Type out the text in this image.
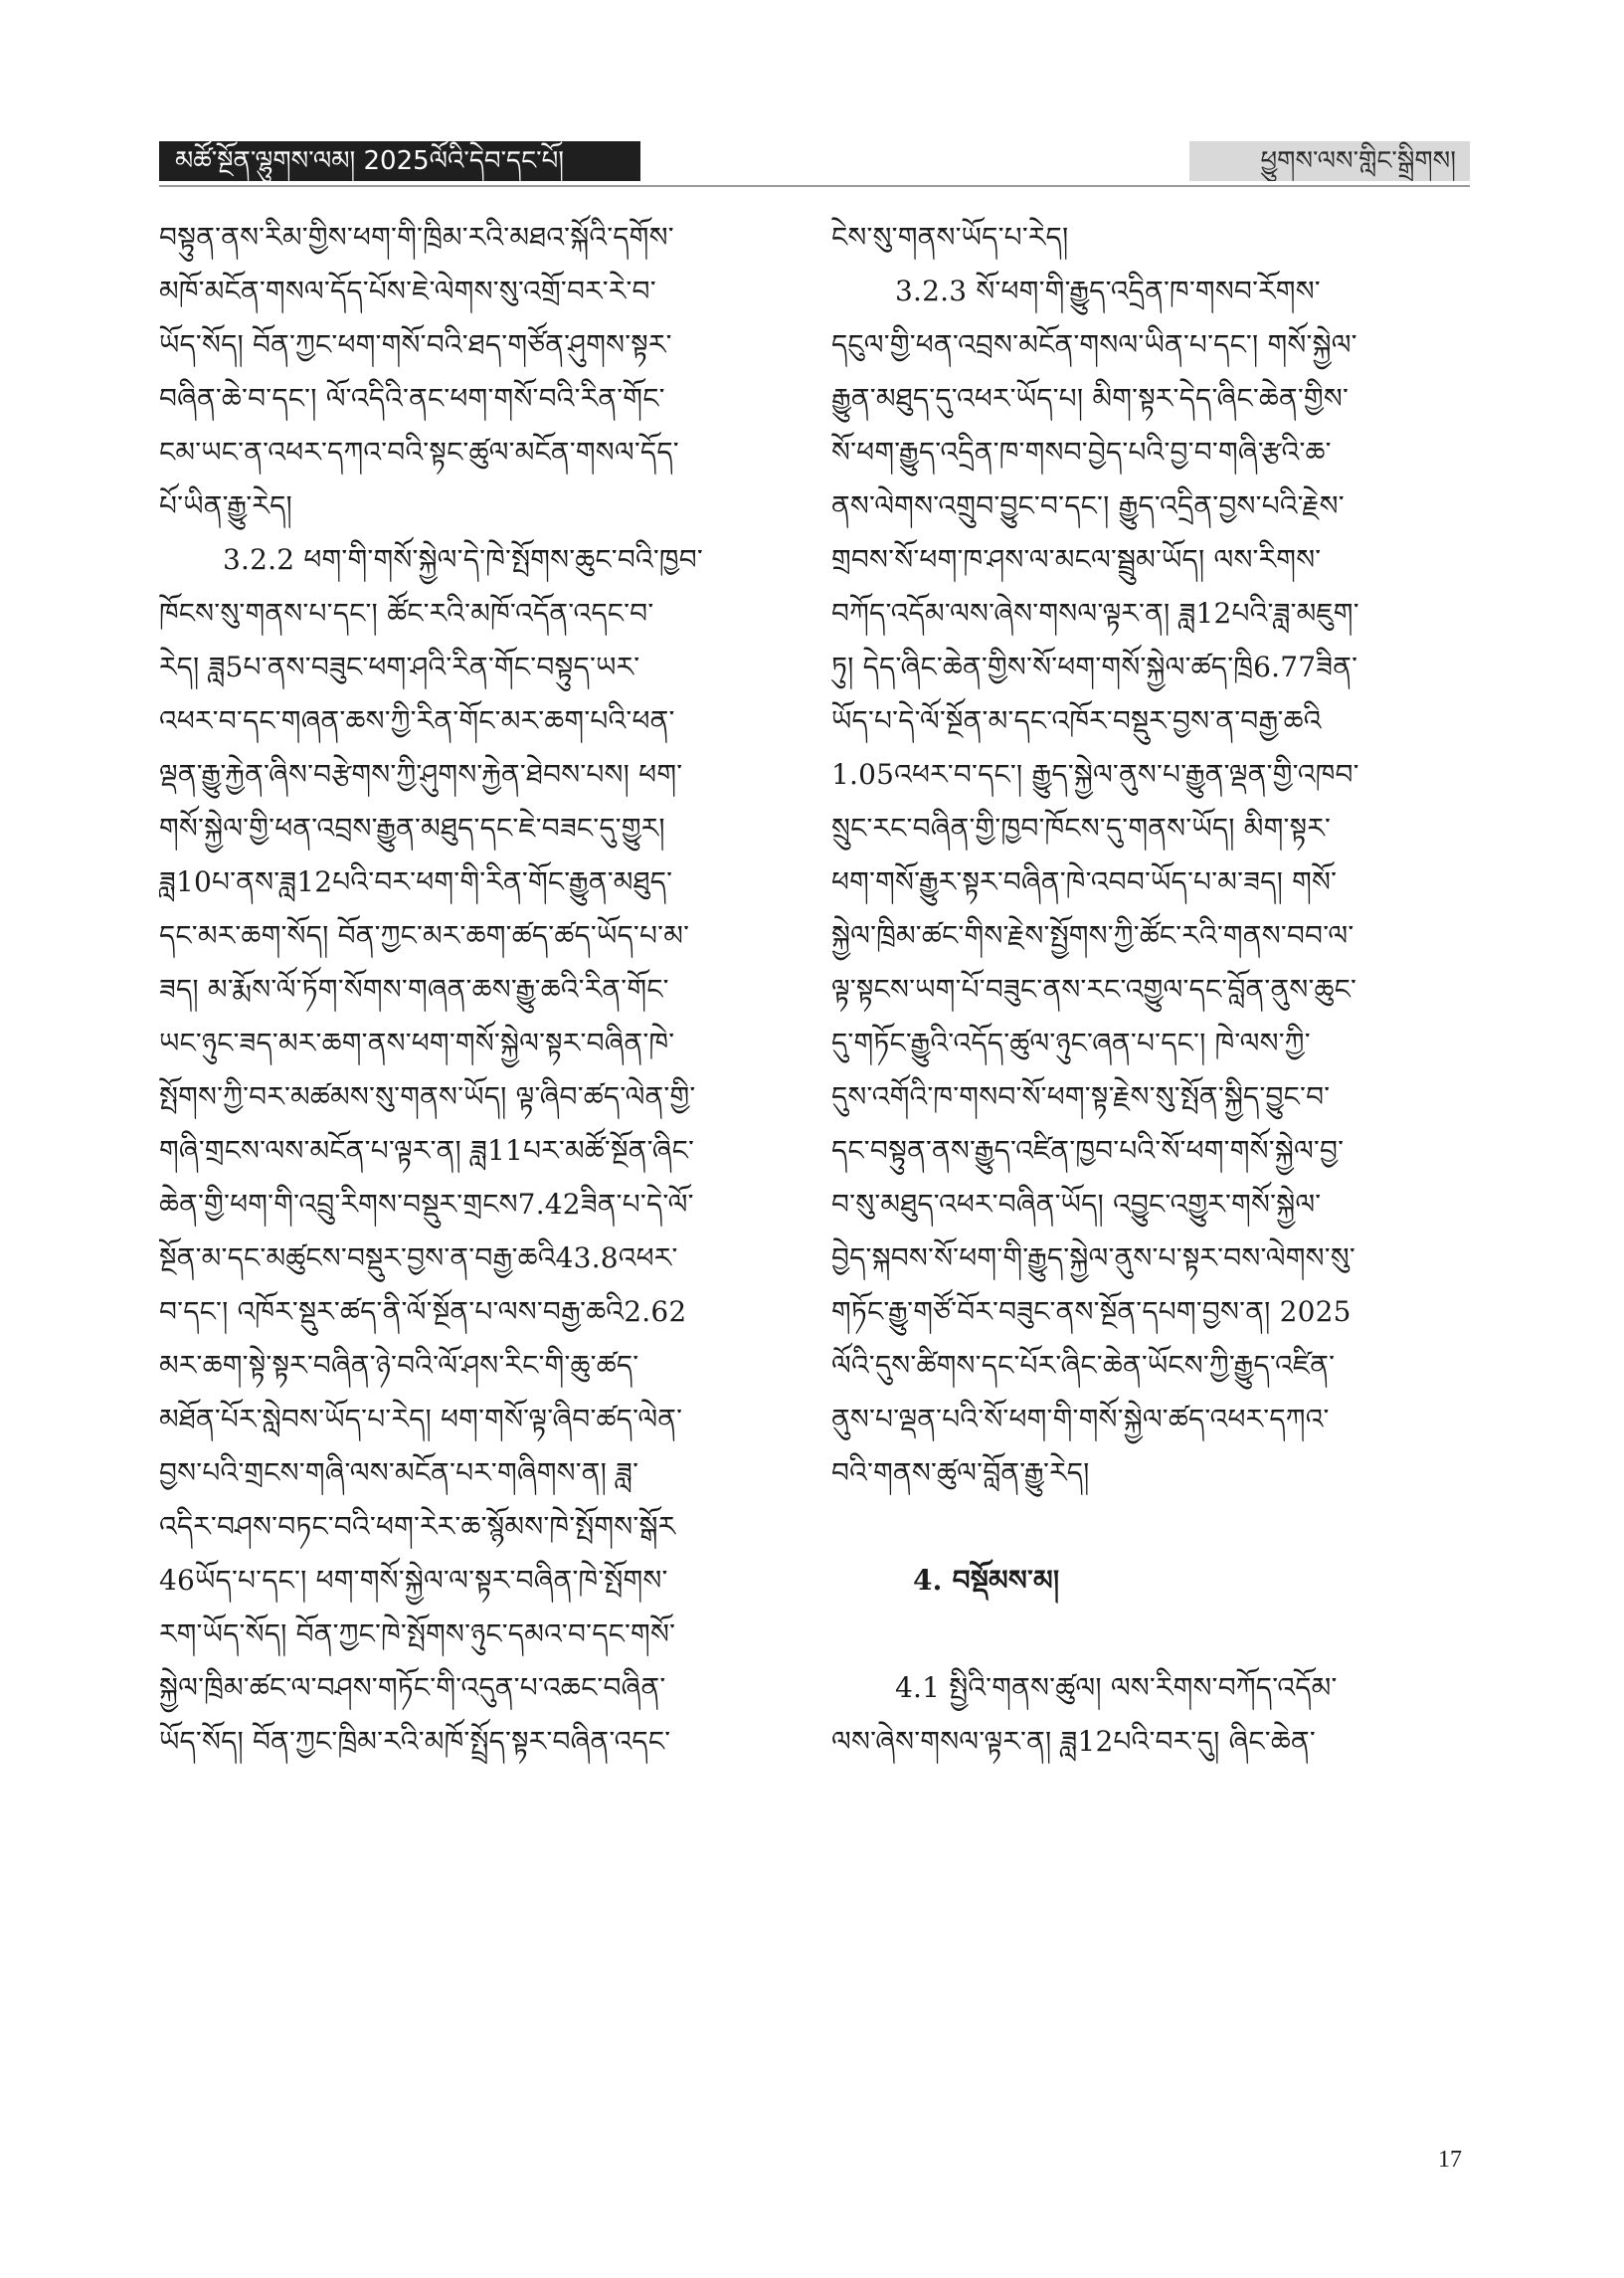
མཚོ་སྔོན་ལྷུགས་ལམ། 2025ལོའི་དེབ་དང་པོ།	ཕྱུགས་ལས་གླིང་སྒྲིགས།
བསྟུན་ནས་རིམ་གྱིས་ཕག་གི་ཁྲིམ་རའི་མཐའ་སྐོའི་དགོས་
མཁོ་མངོན་གསལ་དོད་པོས་ཇེ་ལེགས་སུ་འགྲོ་བར་རེ་བ་
ཡོད་སོད། བོན་ཀྱང་ཕག་གསོ་བའི་ཐད་གཙོན་ཤུགས་སྟར་
བཞིན་ཆེ་བ་དང་། ལོ་འདིའི་ནང་ཕག་གསོ་བའི་རིན་གོང་
ངམ་ཡང་ན་འཕར་དཀའ་བའི་སྟང་ཚུལ་མངོན་གསལ་དོད་
པོ་ཡིན་རྒྱུ་རེད།
3.2.2 ཕག་གི་གསོ་སྐྱེལ་དེ་ཁེ་སྤོགས་ཆུང་བའི་ཁྱབ་
ཁོངས་སུ་གནས་པ་དང་། ཚོང་རའི་མཁོ་འདོན་འདང་བ་
རེད། ཟླ5པ་ནས་བཟུང་ཕག་ཤའི་རིན་གོང་བསྟུད་ཡར་
འཕར་བ་དང་གཞན་ཆས་ཀྱི་རིན་གོང་མར་ཆག་པའི་ཕན་
ལྡན་རྒྱུ་རྐྱེན་ཞིས་བརྩེགས་ཀྱི་ཤུགས་རྐྱེན་ཐེབས་པས། ཕག་
གསོ་སྐྱེལ་གྱི་ཕན་འབྲས་རྒྱུན་མཐུད་དང་ཇེ་བཟང་དུ་གྱུར།
ཟླ10པ་ནས་ཟླ12པའི་བར་ཕག་གི་རིན་གོང་རྒྱུན་མཐུད་
དང་མར་ཆག་སོད། བོན་ཀྱང་མར་ཆག་ཚད་ཚད་ཡོད་པ་མ་
ཟད། མ་རྨོས་ལོ་ཏོག་སོགས་གཞན་ཆས་རྒྱུ་ཆའི་རིན་གོང་
ཡང་ཉུང་ཟད་མར་ཆག་ནས་ཕག་གསོ་སྐྱེལ་སྟར་བཞིན་ཁེ་
སྤོགས་ཀྱི་བར་མཚམས་སུ་གནས་ཡོད། ལྟ་ཞིབ་ཚད་ལེན་གྱི་
གཞི་གྲངས་ལས་མངོན་པ་ལྟར་ན། ཟླ11པར་མཚོ་སྔོན་ཞིང་
ཆེན་གྱི་ཕག་གི་འབྲུ་རིགས་བསྡུར་གྲངས7.42ཟིན་པ་དེ་ལོ་
སྔོན་མ་དང་མཚུངས་བསྡུར་བྱས་ན་བརྒྱ་ཆའི43.8འཕར་
བ་དང་། འཁོར་སྡུར་ཚད་ནི་ལོ་སྔོན་པ་ལས་བརྒྱ་ཆའི2.62
མར་ཆག་སྟེ་སྟར་བཞིན་ཉེ་བའི་ལོ་ཤས་རིང་གི་ཆུ་ཚད་
མཐོན་པོར་སླེབས་ཡོད་པ་རེད། ཕག་གསོ་ལྟ་ཞིབ་ཚད་ལེན་
བྱས་པའི་གྲངས་གཞི་ལས་མངོན་པར་གཞིགས་ན། ཟླ་
འདིར་བཤས་བཏང་བའི་ཕག་རེར་ཆ་སྙོམས་ཁེ་སྤོགས་སྒོར
46ཡོད་པ་དང་། ཕག་གསོ་སྐྱེལ་ལ་སྟར་བཞིན་ཁེ་སྤོགས་
རག་ཡོད་སོད། བོན་ཀྱང་ཁེ་སྤོགས་ཉུང་དམའ་བ་དང་གསོ་
སྐྱེལ་ཁྲིམ་ཚང་ལ་བཤས་གཏོང་གི་འདུན་པ་འཆང་བཞིན་
ཡོད་སོད། བོན་ཀྱང་ཁྲིམ་རའི་མཁོ་སྤྲོད་སྟར་བཞིན་འདང་
ངེས་སུ་གནས་ཡོད་པ་རེད།
3.2.3 སོ་ཕག་གི་རྒྱུད་འདྲིན་ཁ་གསབ་རོགས་
དངུལ་གྱི་ཕན་འབྲས་མངོན་གསལ་ཡིན་པ་དང་། གསོ་སྐྱེལ་
རྒྱུན་མཐུད་དུ་འཕར་ཡོད་པ། མིག་སྟར་དེད་ཞིང་ཆེན་གྱིས་
སོ་ཕག་རྒྱུད་འདྲིན་ཁ་གསབ་བྱེད་པའི་བྱ་བ་གཞི་རྩའི་ཆ་
ནས་ལེགས་འགྲུབ་བྱུང་བ་དང་། རྒྱུད་འདྲིན་བྱས་པའི་རྗེས་
གྲབས་སོ་ཕག་ཁ་ཤས་ལ་མངལ་སྦྲུམ་ཡོད། ལས་རིགས་
བཀོད་འདོམ་ལས་ཞེས་གསལ་ལྟར་ན། ཟླ12པའི་ཟླ་མཇུག་
ཏུ། དེད་ཞིང་ཆེན་གྱིས་སོ་ཕག་གསོ་སྐྱེལ་ཚད་ཁྲི6.77ཟིན་
ཡོད་པ་དེ་ལོ་སྔོན་མ་དང་འཁོར་བསྡུར་བྱས་ན་བརྒྱ་ཆའི
1.05འཕར་བ་དང་། རྒྱུད་སྐྱེལ་ནུས་པ་རྒྱུན་ལྡན་གྱི་འཁབ་
སྲུང་རང་བཞིན་གྱི་ཁྱབ་ཁོངས་དུ་གནས་ཡོད། མིག་སྟར་
ཕག་གསོ་རྒྱུར་སྟར་བཞིན་ཁེ་འབབ་ཡོད་པ་མ་ཟད། གསོ་
སྐྱེལ་ཁྲིམ་ཚང་གིས་རྗེས་སྤྱོགས་ཀྱི་ཚོང་རའི་གནས་བབ་ལ་
ལྟ་སྟངས་ཡག་པོ་བཟུང་ནས་རང་འགྱུལ་དང་བློན་ནུས་ཆུང་
དུ་གཏོང་རྒྱུའི་འདོད་ཚུལ་ཉུང་ཞན་པ་དང་། ཁེ་ལས་ཀྱི་
དུས་འགོའི་ཁ་གསབ་སོ་ཕག་སྟ་རྗེས་སུ་སྤོན་སྐྱིད་བྱུང་བ་
དང་བསྟུན་ནས་རྒྱུད་འཛིན་ཁྱབ་པའི་སོ་ཕག་གསོ་སྐྱེལ་བྱ་
བ་སུ་མཐུད་འཕར་བཞིན་ཡོད། འབྱུང་འགྱུར་གསོ་སྐྱེལ་
བྱེད་སྐབས་སོ་ཕག་གི་རྒྱུད་སྐྱེལ་ནུས་པ་སྟར་བས་ལེགས་སུ་
གཏོང་རྒྱུ་གཙོ་བོར་བཟུང་ནས་སྔོན་དཔག་བྱས་ན། 2025
ལོའི་དུས་ཚིགས་དང་པོར་ཞིང་ཆེན་ཡོངས་ཀྱི་རྒྱུད་འཛིན་
ནུས་པ་ལྡན་པའི་སོ་ཕག་གི་གསོ་སྐྱེལ་ཚད་འཕར་དཀའ་
བའི་གནས་ཚུལ་བློན་རྒྱུ་རེད།
4. བསྡོམས་མ།
4.1 སྤྱིའི་གནས་ཚུལ། ལས་རིགས་བཀོད་འདོམ་
ལས་ཞེས་གསལ་ལྟར་ན། ཟླ12པའི་བར་དུ། ཞིང་ཆེན་
17
